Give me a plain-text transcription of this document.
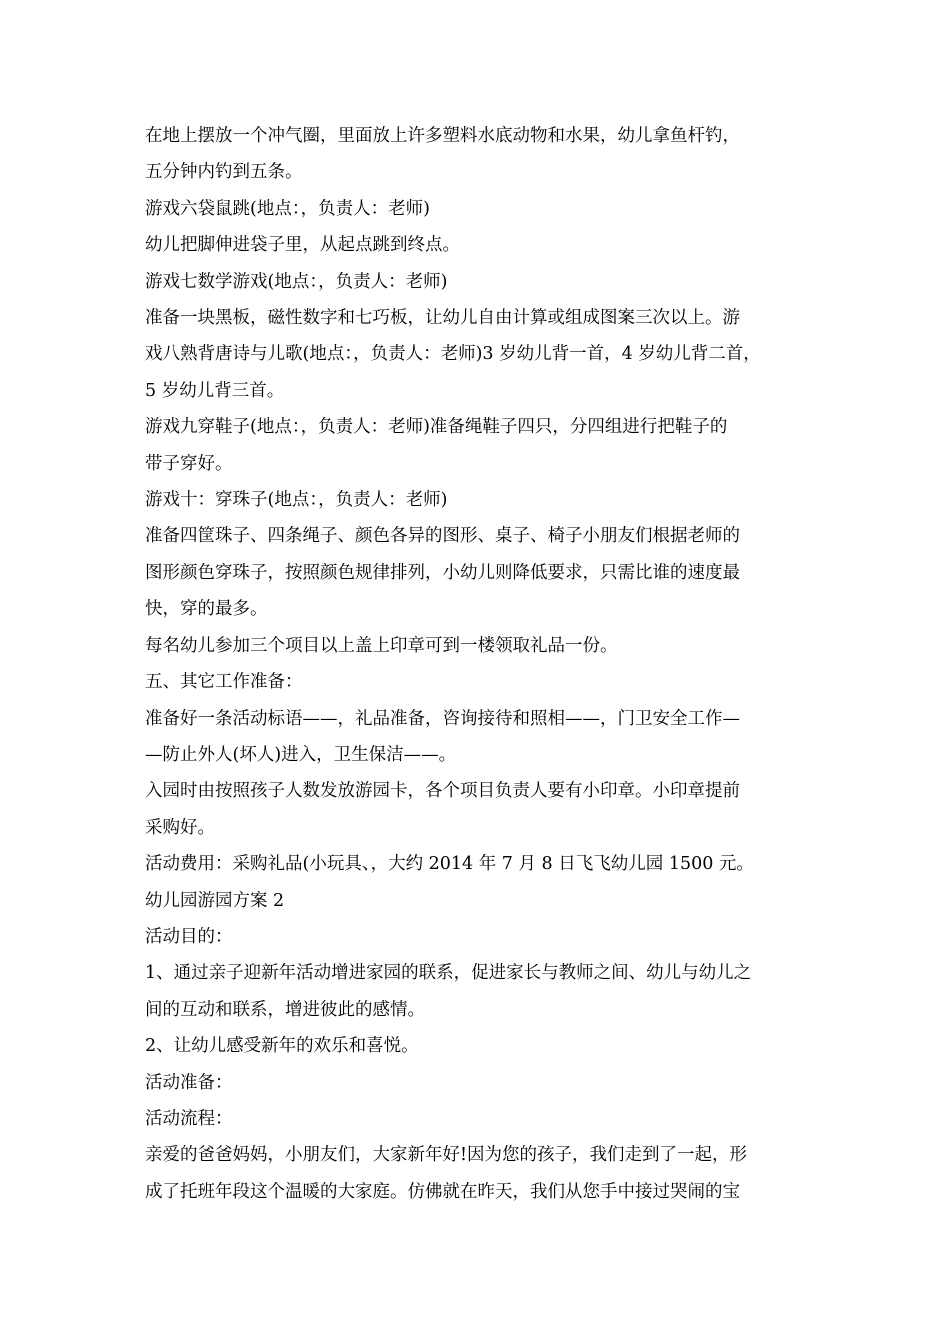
在地上摆放一个冲气圈，里面放上许多塑料水底动物和水果，幼儿拿鱼杆钓，
五分钟内钓到五条。

游戏六袋鼠跳(地点：，负责人：老师)

幼儿把脚伸进袋子里，从起点跳到终点。

游戏七数学游戏(地点：，负责人：老师)

准备一块黑板，磁性数字和七巧板，让幼儿自由计算或组成图案三次以上。游
戏八熟背唐诗与儿歌(地点：，负责人：老师)3 岁幼儿背一首，4 岁幼儿背二首，
5 岁幼儿背三首。

游戏九穿鞋子(地点：，负责人：老师)准备绳鞋子四只，分四组进行把鞋子的
带子穿好。

游戏十：穿珠子(地点：，负责人：老师)

准备四筐珠子、四条绳子、颜色各异的图形、桌子、椅子小朋友们根据老师的
图形颜色穿珠子，按照颜色规律排列，小幼儿则降低要求，只需比谁的速度最
快，穿的最多。

每名幼儿参加三个项目以上盖上印章可到一楼领取礼品一份。

五、其它工作准备：

准备好一条活动标语——，礼品准备，咨询接待和照相——，门卫安全工作—
—防止外人(坏人)进入，卫生保洁——。

入园时由按照孩子人数发放游园卡，各个项目负责人要有小印章。小印章提前
采购好。

活动费用：采购礼品(小玩具、，大约 2014 年 7 月 8 日飞飞幼儿园 1500 元。

幼儿园游园方案 2

活动目的：

1、通过亲子迎新年活动增进家园的联系，促进家长与教师之间、幼儿与幼儿之
间的互动和联系，增进彼此的感情。

2、让幼儿感受新年的欢乐和喜悦。

活动准备：

活动流程：

亲爱的爸爸妈妈，小朋友们，大家新年好!因为您的孩子，我们走到了一起，形
成了托班年段这个温暖的大家庭。仿佛就在昨天，我们从您手中接过哭闹的宝
